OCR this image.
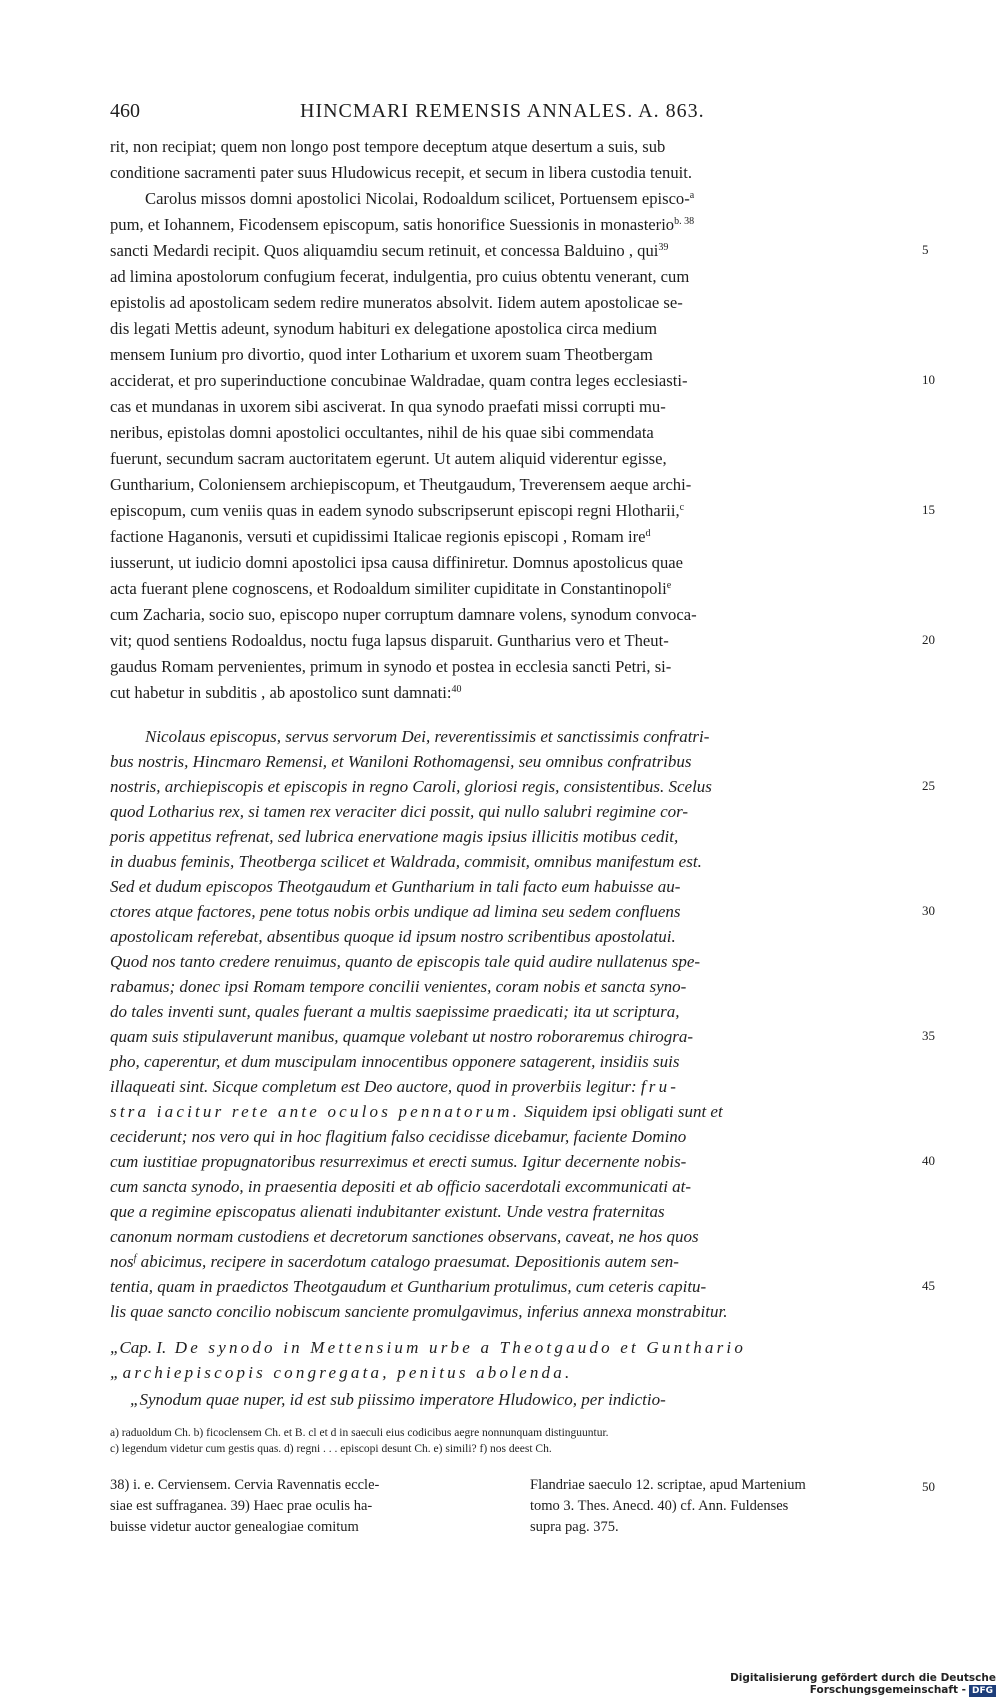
460	HINCMARI REMENSIS ANNALES. A. 863.
rit, non recipiat; quem non longo post tempore deceptum atque desertum a suis, sub
conditione sacramenti pater suus Hludowicus recepit, et secum in libera custodia tenuit.
Carolus missos domni apostolici Nicolai, Rodoaldum scilicet, Portuensem episco-$^a$
pum, et Iohannem, Ficodensem episcopum, satis honorifice Suessionis in monasterio$^{b. 38}$
sancti Medardi recipit. Quos aliquamdiu secum retinuit, et concessa Balduino , qui$^{39}$
ad limina apostolorum confugium fecerat, indulgentia, pro cuius obtentu venerant, cum
epistolis ad apostolicam sedem redire muneratos absolvit. Iidem autem apostolicae se-
dis legati Mettis adeunt, synodum habituri ex delegatione apostolica circa medium
mensem Iunium pro divortio, quod inter Lotharium et uxorem suam Theotbergam
acciderat, et pro superinductione concubinae Waldradae, quam contra leges ecclesiasti-
cas et mundanas in uxorem sibi asciverat. In qua synodo praefati missi corrupti mu-
neribus, epistolas domni apostolici occultantes, nihil de his quae sibi commendata
fuerunt, secundum sacram auctoritatem egerunt. Ut autem aliquid viderentur egisse,
Guntharium, Coloniensem archiepiscopum, et Theutgaudum, Treverensem aeque archi-
episcopum, cum veniis quas in eadem synodo subscripserunt episcopi regni Hlotharii,$^c$
factione Haganonis, versuti et cupidissimi Italicae regionis episcopi , Romam ire$^d$
iusserunt, ut iudicio domni apostolici ipsa causa diffiniretur. Domnus apostolicus quae
acta fuerant plene cognoscens, et Rodoaldum similiter cupiditate in Constantinopoli$^e$
cum Zacharia, socio suo, episcopo nuper corruptum damnare volens, synodum convoca-
vit; quod sentiens Rodoaldus, noctu fuga lapsus disparuit. Guntharius vero et Theut-
gaudus Romam pervenientes, primum in synodo et postea in ecclesia sancti Petri, si-
cut habetur in subditis , ab apostolico sunt damnati:$^{40}$
Nicolaus episcopus, servus servorum Dei, reverentissimis et sanctissimis confratri-
bus nostris, Hincmaro Remensi, et Waniloni Rothomagensi, seu omnibus confratribus
nostris, archiepiscopis et episcopis in regno Caroli, gloriosi regis, consistentibus. Scelus
quod Lotharius rex, si tamen rex veraciter dici possit, qui nullo salubri regimine cor-
poris appetitus refrenat, sed lubrica enervatione magis ipsius illicitis motibus cedit,
in duabus feminis, Theotberga scilicet et Waldrada, commisit, omnibus manifestum est.
Sed et dudum episcopos Theotgaudum et Guntharium in tali facto eum habuisse au-
ctores atque factores, pene totus nobis orbis undique ad limina seu sedem confluens
apostolicam referebat, absentibus quoque id ipsum nostro scribentibus apostolatui.
Quod nos tanto credere renuimus, quanto de episcopis tale quid audire nullatenus spe-
rabamus; donec ipsi Romam tempore concilii venientes, coram nobis et sancta syno-
do tales inventi sunt, quales fuerant a multis saepissime praedicati; ita ut scriptura,
quam suis stipulaverunt manibus, quamque volebant ut nostro roboraremus chirogra-
pho, caperentur, et dum muscipulam innocentibus opponere satagerent, insidiis suis
illaqueati sint. Sicque completum est Deo auctore, quod in proverbiis legitur: fru-
stra iacitur rete ante oculos pennatorum. Siquidem ipsi obligati sunt et
ceciderunt; nos vero qui in hoc flagitium falso cecidisse dicebamur, faciente Domino
cum iustitiae propugnatoribus resurreximus et erecti sumus. Igitur decernente nobis-
cum sancta synodo, in praesentia depositi et ab officio sacerdotali excommunicati at-
que a regimine episcopatus alienati indubitanter existunt. Unde vestra fraternitas
canonum normam custodiens et decretorum sanctiones observans, caveat, ne hos quos
nos$^f$ abicimus, recipere in sacerdotum catalogo praesumat. Depositionis autem sen-
tentia, quam in praedictos Theotgaudum et Guntharium protulimus, cum ceteris capitu-
lis quae sancto concilio nobiscum sanciente promulgavimus, inferius annexa monstrabitur.
„Cap. I. De synodo in Mettensium urbe a Theotgaudo et Gunthario
„archiepiscopis congregata, penitus abolenda.
„Synodum quae nuper, id est sub piissimo imperatore Hludowico, per indictio-
a) raduoldum Ch. b) ficoclensem Ch. et B. cl et d in saeculi eius codicibus aegre nonnunquam distinguuntur.
c) legendum videtur cum gestis quas. d) regni . . . episcopi desunt Ch. e) simili? f) nos deest Ch.
38) i. e. Cerviensem. Cervia Ravennatis eccle-
siae est suffraganea. 39) Haec prae oculis ha-
buisse videtur auctor genealogiae comitum
Flandriae saeculo 12. scriptae, apud Martenium
tomo 3. Thes. Anecd. 40) cf. Ann. Fuldenses
supra pag. 375.
5
10
15
20
25
30
35
40
45
50
Digitalisierung gefördert durch die Deutsche Forschungsgemeinschaft - DFG
